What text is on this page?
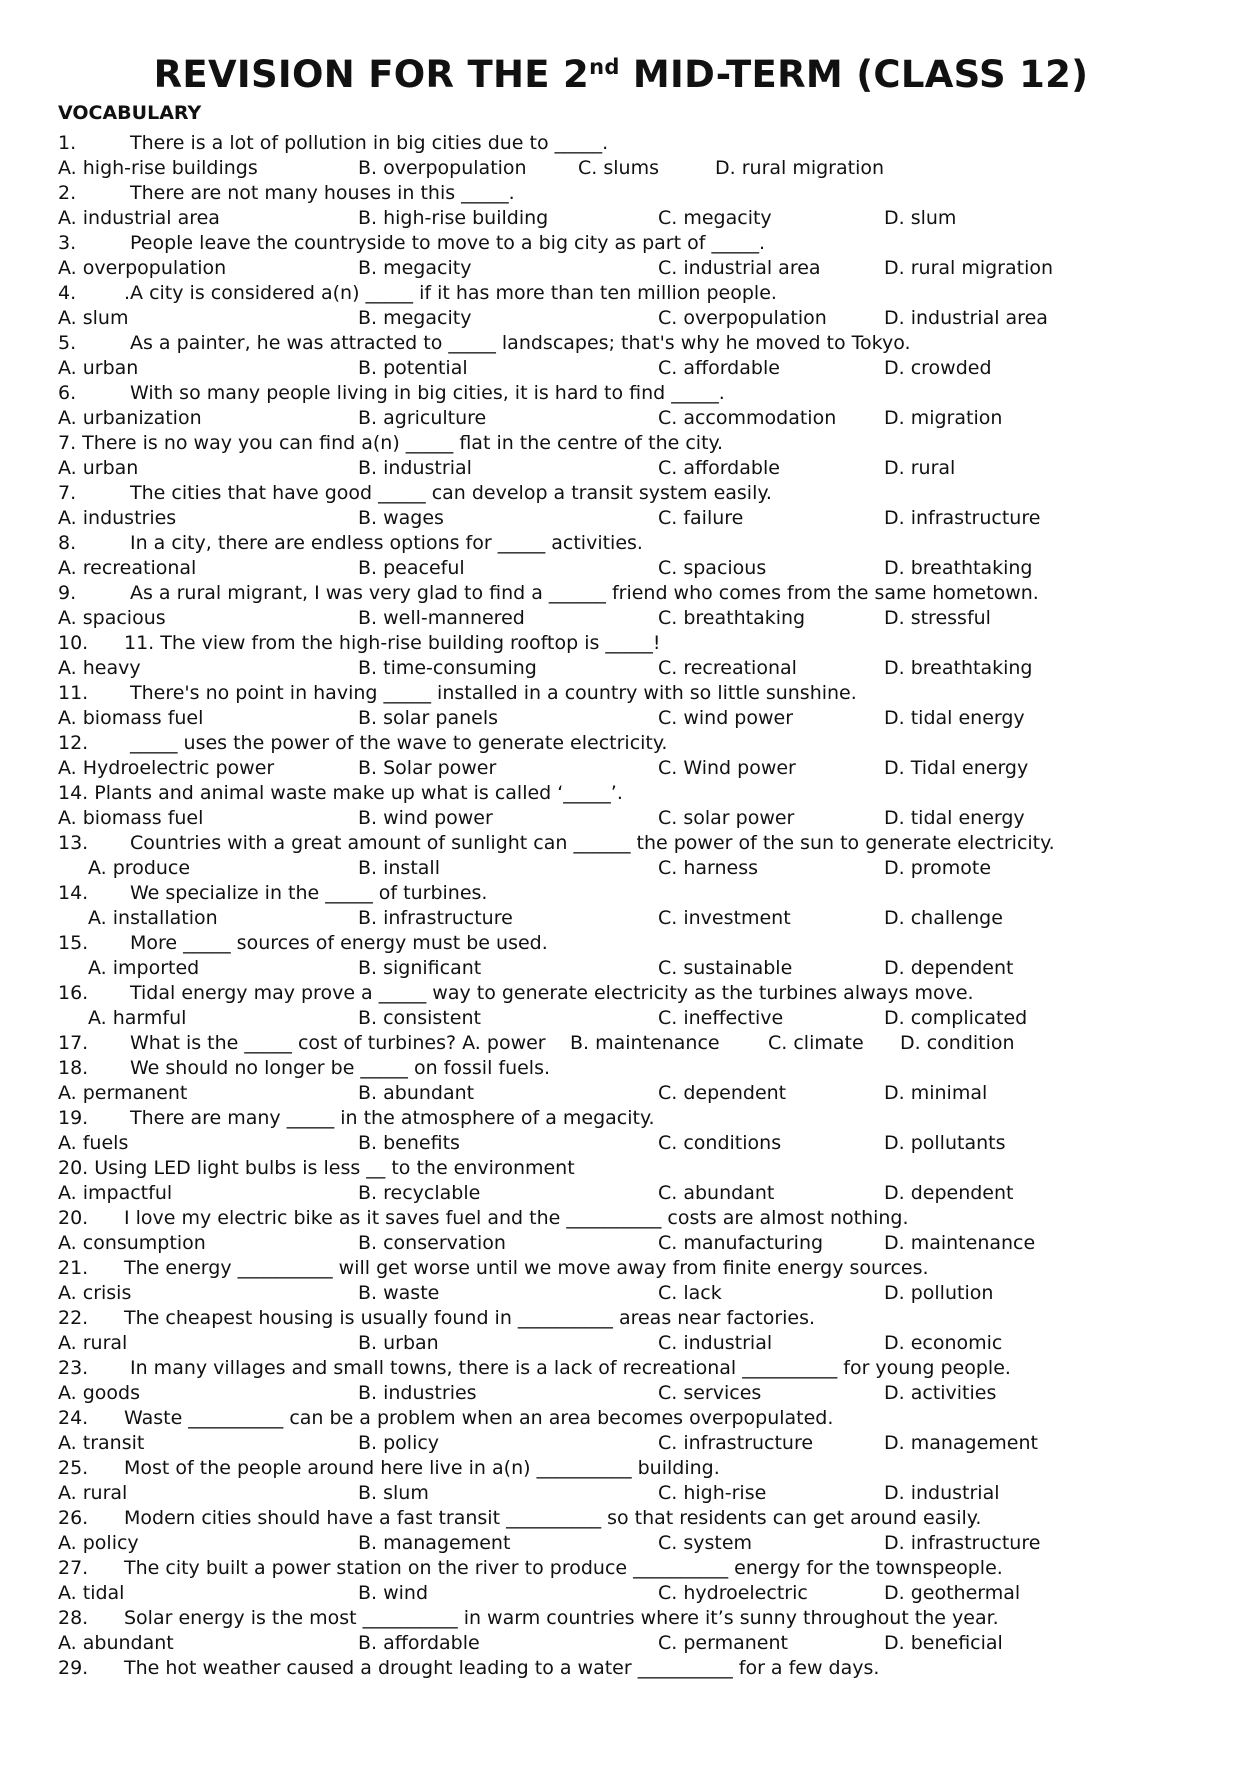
REVISION FOR THE 2nd MID-TERM (CLASS 12)
VOCABULARY
1.	There is a lot of pollution in big cities due to _____.
A. high-rise buildings	B. overpopulation	C. slums	D. rural migration
2.	There are not many houses in this _____.
A. industrial area	B. high-rise building	C. megacity	D. slum
3.	People leave the countryside to move to a big city as part of _____.
A. overpopulation	B. megacity	C. industrial area	D. rural migration
4.	.A city is considered a(n) _____ if it has more than ten million people.
A. slum	B. megacity	C. overpopulation	D. industrial area
5.	As a painter, he was attracted to _____ landscapes; that's why he moved to Tokyo.
A. urban	B. potential	C. affordable	D. crowded
6.	With so many people living in big cities, it is hard to find _____.
A. urbanization	B. agriculture	C. accommodation	D. migration
7. There is no way you can find a(n) _____ flat in the centre of the city.
A. urban	B. industrial	C. affordable	D. rural
7.	The cities that have good _____ can develop a transit system easily.
A. industries	B. wages	C. failure	D. infrastructure
8.	In a city, there are endless options for _____ activities.
A. recreational	B. peaceful	C. spacious	D. breathtaking
9.	As a rural migrant, I was very glad to find a ______ friend who comes from the same hometown.
A. spacious	B. well-mannered	C. breathtaking	D. stressful
10. 11. The view from the high-rise building rooftop is _____!
A. heavy	B. time-consuming	C. recreational	D. breathtaking
11. There's no point in having _____ installed in a country with so little sunshine.
A. biomass fuel	B. solar panels	C. wind power	D. tidal energy
12. _____ uses the power of the wave to generate electricity.
A. Hydroelectric power	B. Solar power	C. Wind power	D. Tidal energy
14. Plants and animal waste make up what is called ‘_____’.
A. biomass fuel	B. wind power	C. solar power	D. tidal energy
13. Countries with a great amount of sunlight can ______ the power of the sun to generate electricity.
A. produce	B. install	C. harness	D. promote
14. We specialize in the _____ of turbines.
A. installation	B. infrastructure	C. investment	D. challenge
15. More _____ sources of energy must be used.
A. imported	B. significant	C. sustainable	D. dependent
16. Tidal energy may prove a _____ way to generate electricity as the turbines always move.
A. harmful	B. consistent	C. ineffective	D. complicated
17. What is the _____ cost of turbines? A. power B. maintenance	C. climate D. condition
18. We should no longer be _____ on fossil fuels.
A. permanent	B. abundant	C. dependent	D. minimal
19. There are many _____ in the atmosphere of a megacity.
A. fuels	B. benefits	C. conditions	D. pollutants
20. Using LED light bulbs is less __ to the environment
A. impactful	B. recyclable	C. abundant	D. dependent
20. I love my electric bike as it saves fuel and the __________ costs are almost nothing.
A. consumption	B. conservation	C. manufacturing	D. maintenance
21. The energy __________ will get worse until we move away from finite energy sources.
A. crisis	B. waste	C. lack	D. pollution
22. The cheapest housing is usually found in __________ areas near factories.
A. rural	B. urban	C. industrial	D. economic
23. In many villages and small towns, there is a lack of recreational __________ for young people.
A. goods	B. industries	C. services	D. activities
24. Waste __________ can be a problem when an area becomes overpopulated.
A. transit	B. policy	C. infrastructure	D. management
25. Most of the people around here live in a(n) __________ building.
A. rural	B. slum	C. high-rise	D. industrial
26. Modern cities should have a fast transit __________ so that residents can get around easily.
A. policy	B. management	C. system	D. infrastructure
27. The city built a power station on the river to produce __________ energy for the townspeople.
A. tidal	B. wind	C. hydroelectric	D. geothermal
28. Solar energy is the most __________ in warm countries where it’s sunny throughout the year.
A. abundant	B. affordable	C. permanent	D. beneficial
29. The hot weather caused a drought leading to a water __________ for a few days.
